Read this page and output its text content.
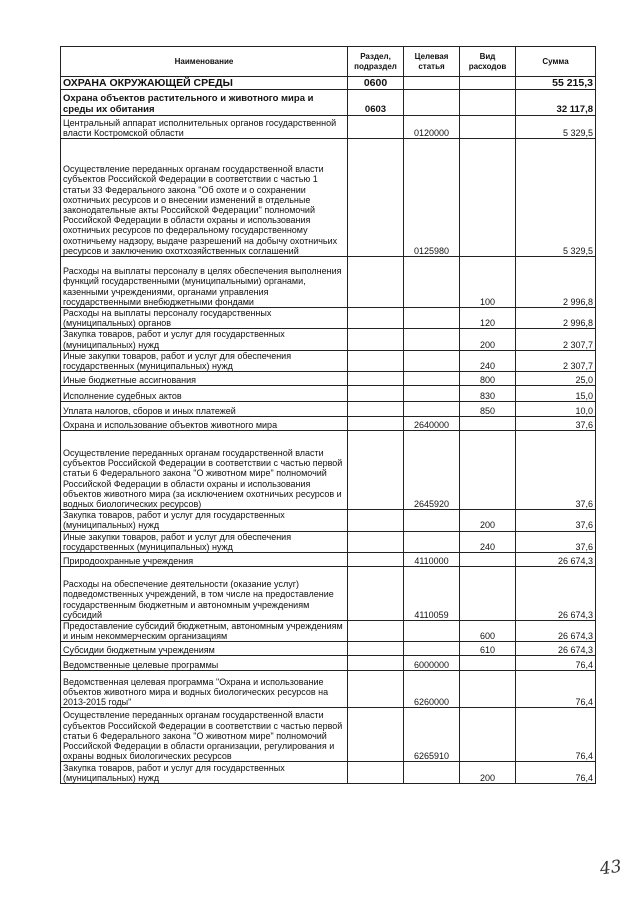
Наименование	Раздел, подраздел	Целевая статья	Вид расходов	Сумма
ОХРАНА ОКРУЖАЮЩЕЙ СРЕДЫ	0600			55 215,3
Охрана объектов растительного и животного мира и среды их обитания	0603			32 117,8
Центральный аппарат исполнительных органов государственной власти Костромской области		0120000		5 329,5
Осуществление переданных органам государственной власти субъектов Российской Федерации в соответствии с частью 1 статьи 33 Федерального закона "Об охоте и о сохранении охотничьих ресурсов и о внесении изменений в отдельные законодательные акты Российской Федерации" полномочий Российской Федерации в области охраны и использования охотничьих ресурсов по федеральному государственному охотничьему надзору, выдаче разрешений на добычу охотничьих ресурсов и заключению охотхозяйственных соглашений		0125980		5 329,5
Расходы на выплаты персоналу в целях обеспечения выполнения функций государственными (муниципальными) органами, казенными учреждениями, органами управления государственными внебюджетными фондами			100	2 996,8
Расходы на выплаты персоналу государственных (муниципальных) органов			120	2 996,8
Закупка товаров, работ и услуг для государственных (муниципальных) нужд			200	2 307,7
Иные закупки товаров, работ и услуг для обеспечения государственных (муниципальных) нужд			240	2 307,7
Иные бюджетные ассигнования			800	25,0
Исполнение судебных актов			830	15,0
Уплата налогов, сборов и иных платежей			850	10,0
Охрана и использование объектов животного мира		2640000		37,6
Осуществление переданных органам государственной власти субъектов Российской Федерации в соответствии с частью первой статьи 6 Федерального закона "О животном мире" полномочий Российской Федерации в области охраны и использования объектов животного мира (за исключением охотничьих ресурсов и водных биологических ресурсов)		2645920		37,6
Закупка товаров, работ и услуг для государственных (муниципальных) нужд			200	37,6
Иные закупки товаров, работ и услуг для обеспечения государственных (муниципальных) нужд			240	37,6
Природоохранные учреждения		4110000		26 674,3
Расходы на обеспечение деятельности (оказание услуг) подведомственных учреждений, в том числе на предоставление государственным бюджетным и автономным учреждениям субсидий		4110059		26 674,3
Предоставление субсидий бюджетным, автономным учреждениям и иным некоммерческим организациям			600	26 674,3
Субсидии бюджетным учреждениям			610	26 674,3
Ведомственные целевые программы		6000000		76,4
Ведомственная целевая программа "Охрана и использование объектов животного мира и водных биологических ресурсов на 2013-2015 годы"		6260000		76,4
Осуществление переданных органам государственной власти субъектов Российской Федерации в соответствии с частью первой статьи 6 Федерального закона "О животном мире" полномочий Российской Федерации в области организации, регулирования и охраны водных биологических ресурсов		6265910		76,4
Закупка товаров, работ и услуг для государственных (муниципальных) нужд			200	76,4
43
